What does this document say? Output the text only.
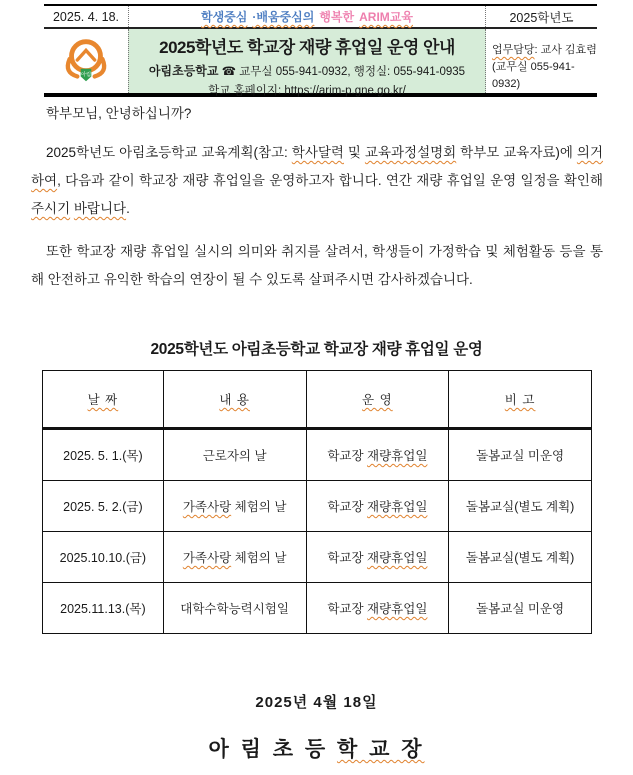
2025. 4. 18.	학생중심 ·배움중심의 행복한 ARIM교육	2025학년도
아림
2025학년도 학교장 재량 휴업일 운영 안내
아림초등학교 ☎ 교무실 055-941-0932, 행정실: 055-941-0935
학교 홈페이지: https://arim-p.gne.go.kr/
업무담당: 교사 김효렴
(교무실 055-941-0932)

학부모님, 안녕하십니까?

2025학년도 아림초등학교 교육계획(참고: 학사달력 및 교육과정설명회 학부모 교육자료)에 의거하여, 다음과 같이 학교장 재량 휴업일을 운영하고자 합니다. 연간 재량 휴업일 운영 일정을 확인해 주시기 바랍니다.

또한 학교장 재량 휴업일 실시의 의미와 취지를 살려서, 학생들이 가정학습 및 체험활동 등을 통해 안전하고 유익한 학습의 연장이 될 수 있도록 살펴주시면 감사하겠습니다.

2025학년도 아림초등학교 학교장 재량 휴업일 운영
날 짜	내 용	운 영	비 고
2025. 5. 1.(목)	근로자의 날	학교장 재량휴업일	돌봄교실 미운영
2025. 5. 2.(금)	가족사랑 체험의 날	학교장 재량휴업일	돌봄교실(별도 계획)
2025.10.10.(금)	가족사랑 체험의 날	학교장 재량휴업일	돌봄교실(별도 계획)
2025.11.13.(목)	대학수학능력시험일	학교장 재량휴업일	돌봄교실 미운영
2025년 4월 18일
아 림 초 등 학 교 장
